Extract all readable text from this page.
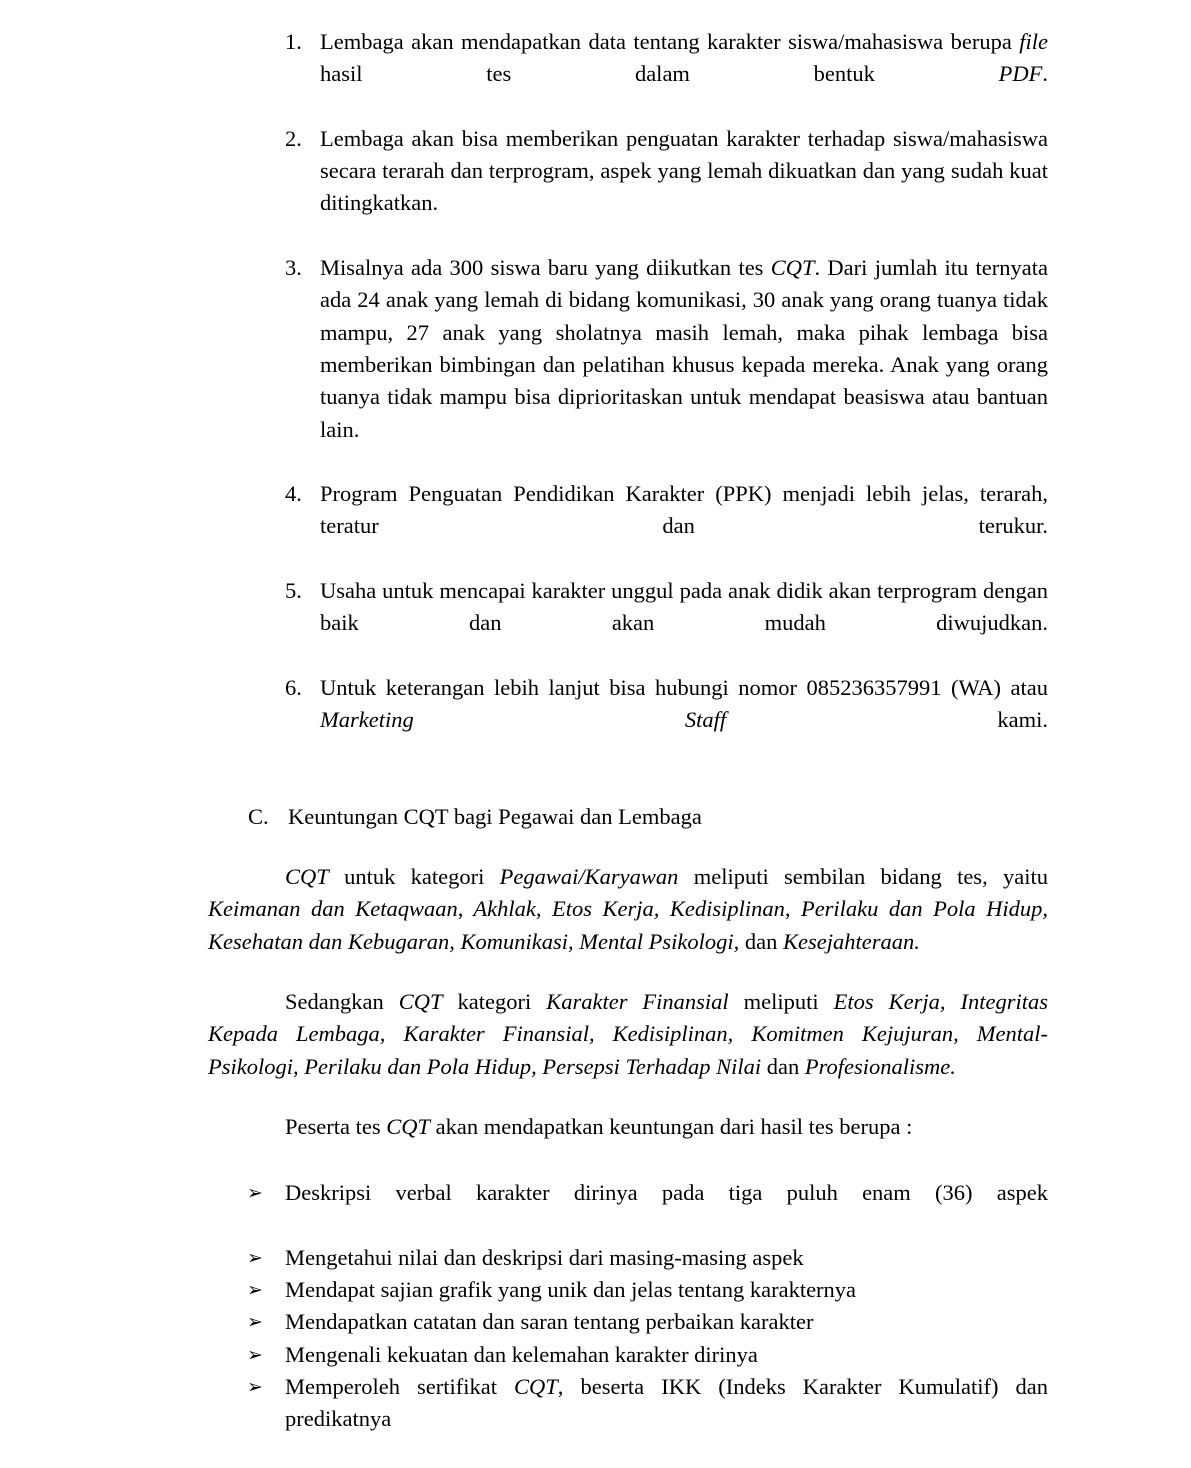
1. Lembaga akan mendapatkan data tentang karakter siswa/mahasiswa berupa file hasil tes dalam bentuk PDF.
2. Lembaga akan bisa memberikan penguatan karakter terhadap siswa/mahasiswa secara terarah dan terprogram, aspek yang lemah dikuatkan dan yang sudah kuat ditingkatkan.
3. Misalnya ada 300 siswa baru yang diikutkan tes CQT. Dari jumlah itu ternyata ada 24 anak yang lemah di bidang komunikasi, 30 anak yang orang tuanya tidak mampu, 27 anak yang sholatnya masih lemah, maka pihak lembaga bisa memberikan bimbingan dan pelatihan khusus kepada mereka. Anak yang orang tuanya tidak mampu bisa diprioritaskan untuk mendapat beasiswa atau bantuan lain.
4. Program Penguatan Pendidikan Karakter (PPK) menjadi lebih jelas, terarah, teratur dan terukur.
5. Usaha untuk mencapai karakter unggul pada anak didik akan terprogram dengan baik dan akan mudah diwujudkan.
6. Untuk keterangan lebih lanjut bisa hubungi nomor 085236357991 (WA) atau Marketing Staff kami.
C. Keuntungan CQT bagi Pegawai dan Lembaga

CQT untuk kategori Pegawai/Karyawan meliputi sembilan bidang tes, yaitu Keimanan dan Ketaqwaan, Akhlak, Etos Kerja, Kedisiplinan, Perilaku dan Pola Hidup, Kesehatan dan Kebugaran, Komunikasi, Mental Psikologi, dan Kesejahteraan.

Sedangkan CQT kategori Karakter Finansial meliputi Etos Kerja, Integritas Kepada Lembaga, Karakter Finansial, Kedisiplinan, Komitmen Kejujuran, Mental-Psikologi, Perilaku dan Pola Hidup, Persepsi Terhadap Nilai dan Profesionalisme.

Peserta tes CQT akan mendapatkan keuntungan dari hasil tes berupa :

➢ Deskripsi verbal karakter dirinya pada tiga puluh enam (36) aspek
➢ Mengetahui nilai dan deskripsi dari masing-masing aspek
➢ Mendapat sajian grafik yang unik dan jelas tentang karakternya
➢ Mendapatkan catatan dan saran tentang perbaikan karakter
➢ Mengenali kekuatan dan kelemahan karakter dirinya
➢ Memperoleh sertifikat CQT, beserta IKK (Indeks Karakter Kumulatif) dan predikatnya
